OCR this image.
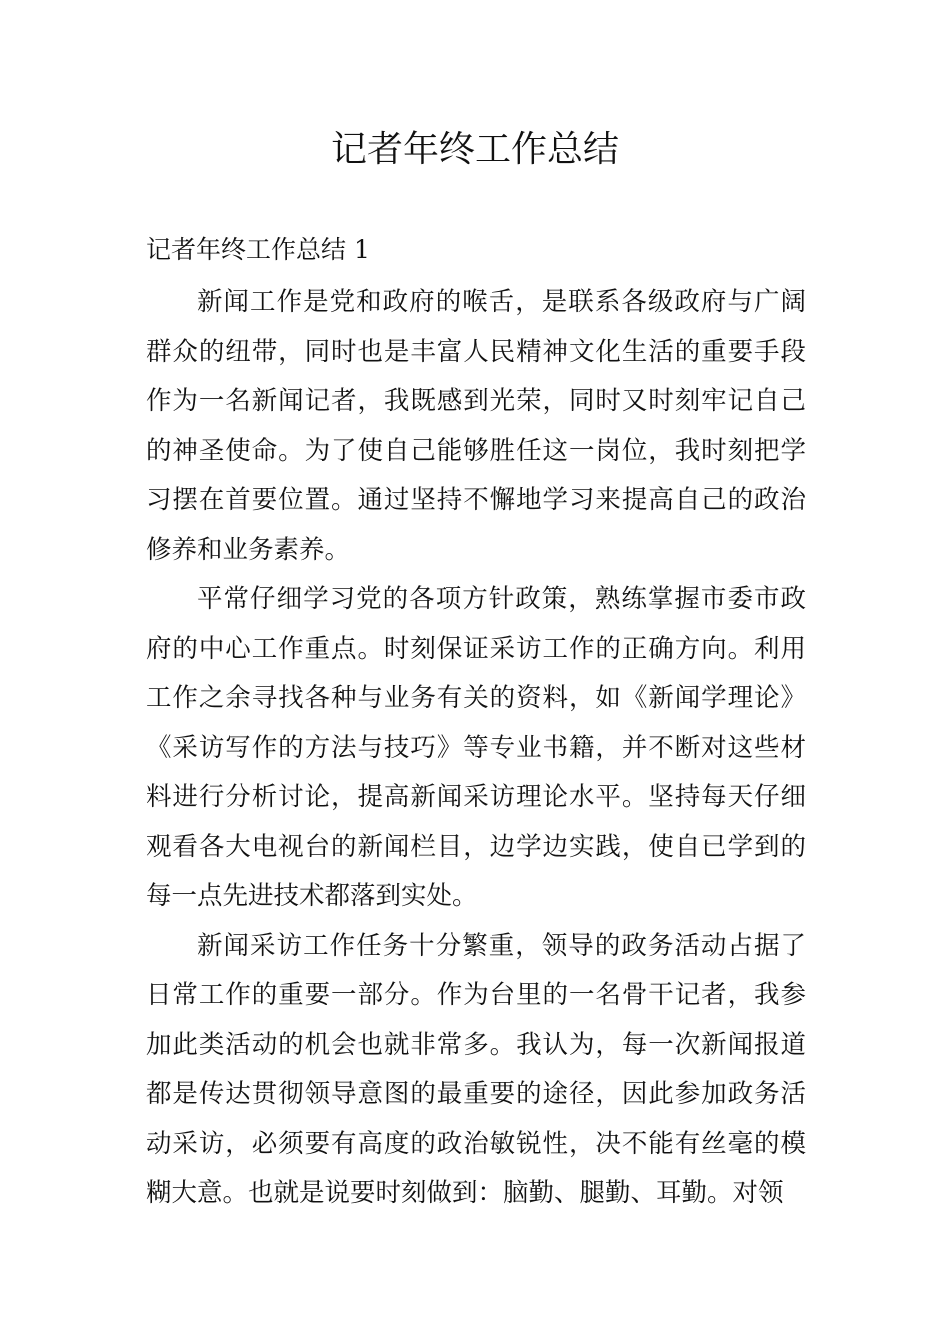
记者年终工作总结

记者年终工作总结 1

新闻工作是党和政府的喉舌，是联系各级政府与广阔群众的纽带，同时也是丰富人民精神文化生活的重要手段作为一名新闻记者，我既感到光荣，同时又时刻牢记自己的神圣使命。为了使自己能够胜任这一岗位，我时刻把学习摆在首要位置。通过坚持不懈地学习来提高自己的政治修养和业务素养。

平常仔细学习党的各项方针政策，熟练掌握市委市政府的中心工作重点。时刻保证采访工作的正确方向。利用工作之余寻找各种与业务有关的资料，如《新闻学理论》《采访写作的方法与技巧》等专业书籍，并不断对这些材料进行分析讨论，提高新闻采访理论水平。坚持每天仔细观看各大电视台的新闻栏目，边学边实践，使自已学到的每一点先进技术都落到实处。

新闻采访工作任务十分繁重，领导的政务活动占据了日常工作的重要一部分。作为台里的一名骨干记者，我参加此类活动的机会也就非常多。我认为，每一次新闻报道都是传达贯彻领导意图的最重要的途径，因此参加政务活动采访，必须要有高度的政治敏锐性，决不能有丝毫的模糊大意。也就是说要时刻做到：脑勤、腿勤、耳勤。对领
